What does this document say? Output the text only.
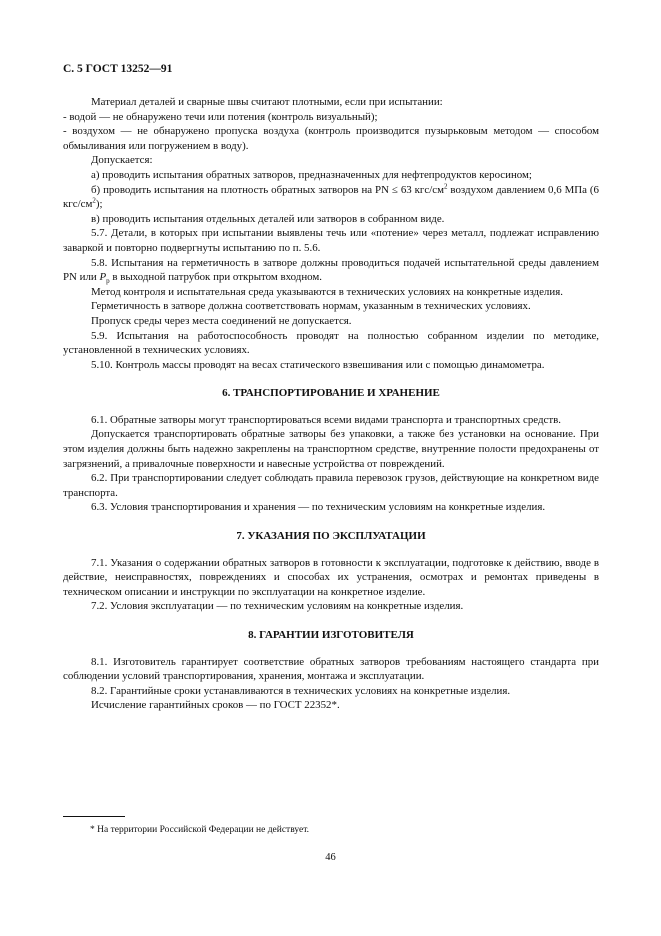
С. 5 ГОСТ 13252—91

Материал деталей и сварные швы считают плотными, если при испытании:

- водой — не обнаружено течи или потения (контроль визуальный);

- воздухом — не обнаружено пропуска воздуха (контроль производится пузырьковым методом — способом обмыливания или погружением в воду).

Допускается:

а) проводить испытания обратных затворов, предназначенных для нефтепродуктов керосином;

б) проводить испытания на плотность обратных затворов на PN ≤ 63 кгс/$см^2$ воздухом давлением 0,6 МПа (6 кгс/$см^2$);

в) проводить испытания отдельных деталей или затворов в собранном виде.

5.7. Детали, в которых при испытании выявлены течь или «потение» через металл, подлежат исправлению заваркой и повторно подвергнуты испытанию по п. 5.6.

5.8. Испытания на герметичность в затворе должны проводиться подачей испытательной среды давлением PN или $P_p$ в выходной патрубок при открытом входном.

Метод контроля и испытательная среда указываются в технических условиях на конкретные изделия.

Герметичность в затворе должна соответствовать нормам, указанным в технических условиях.

Пропуск среды через места соединений не допускается.

5.9. Испытания на работоспособность проводят на полностью собранном изделии по методике, установленной в технических условиях.

5.10. Контроль массы проводят на весах статического взвешивания или с помощью динамометра.

6. ТРАНСПОРТИРОВАНИЕ И ХРАНЕНИЕ

6.1. Обратные затворы могут транспортироваться всеми видами транспорта и транспортных средств.

Допускается транспортировать обратные затворы без упаковки, а также без установки на основание. При этом изделия должны быть надежно закреплены на транспортном средстве, внутренние полости предохранены от загрязнений, а привалочные поверхности и навесные устройства от повреждений.

6.2. При транспортировании следует соблюдать правила перевозок грузов, действующие на конкретном виде транспорта.

6.3. Условия транспортирования и хранения — по техническим условиям на конкретные изделия.

7. УКАЗАНИЯ ПО ЭКСПЛУАТАЦИИ

7.1. Указания о содержании обратных затворов в готовности к эксплуатации, подготовке к действию, вводе в действие, неисправностях, повреждениях и способах их устранения, осмотрах и ремонтах приведены в техническом описании и инструкции по эксплуатации на конкретное изделие.

7.2. Условия эксплуатации — по техническим условиям на конкретные изделия.

8. ГАРАНТИИ ИЗГОТОВИТЕЛЯ

8.1. Изготовитель гарантирует соответствие обратных затворов требованиям настоящего стандарта при соблюдении условий транспортирования, хранения, монтажа и эксплуатации.

8.2. Гарантийные сроки устанавливаются в технических условиях на конкретные изделия.

Исчисление гарантийных сроков — по ГОСТ 22352*.

* На территории Российской Федерации не действует.
46
